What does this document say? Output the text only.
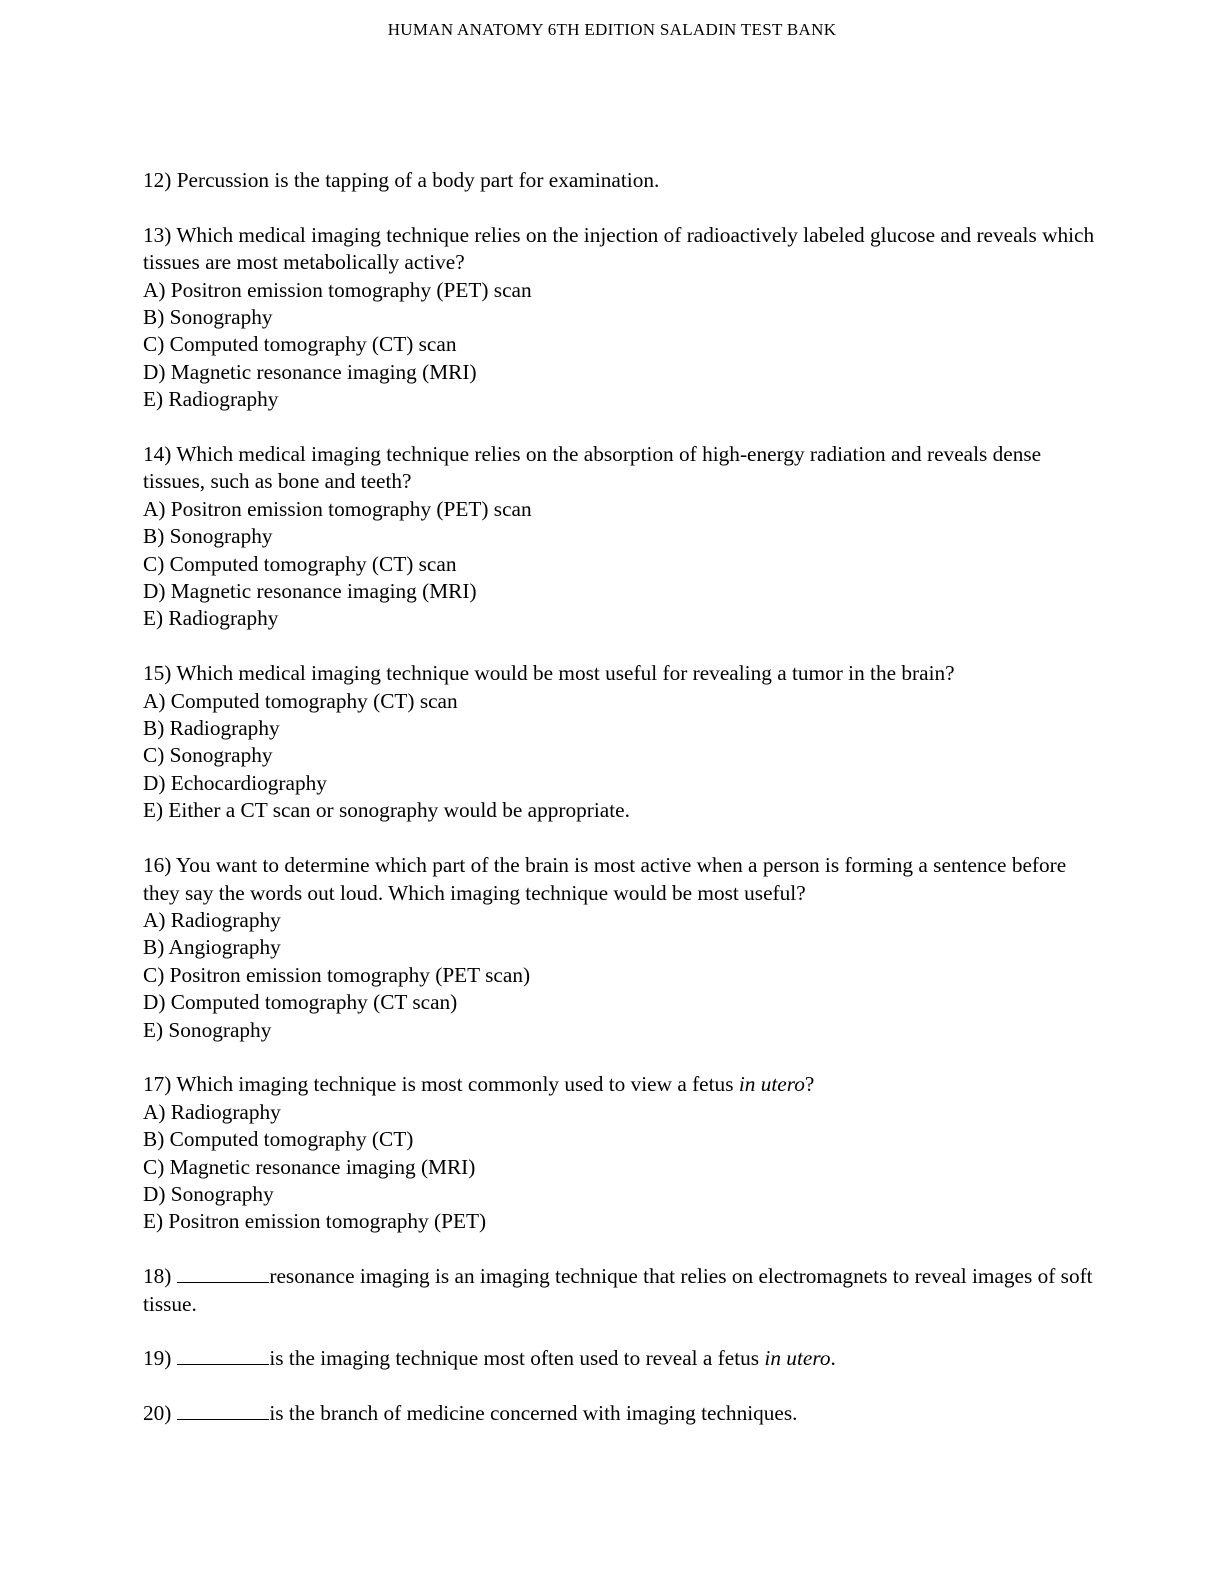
HUMAN ANATOMY 6TH EDITION SALADIN TEST BANK

12) Percussion is the tapping of a body part for examination.

13) Which medical imaging technique relies on the injection of radioactively labeled glucose and reveals which tissues are most metabolically active?

A) Positron emission tomography (PET) scan
B) Sonography
C) Computed tomography (CT) scan
D) Magnetic resonance imaging (MRI)
E) Radiography

14) Which medical imaging technique relies on the absorption of high-energy radiation and reveals dense tissues, such as bone and teeth?

A) Positron emission tomography (PET) scan
B) Sonography
C) Computed tomography (CT) scan
D) Magnetic resonance imaging (MRI)
E) Radiography

15) Which medical imaging technique would be most useful for revealing a tumor in the brain?

A) Computed tomography (CT) scan
B) Radiography
C) Sonography
D) Echocardiography
E) Either a CT scan or sonography would be appropriate.

16) You want to determine which part of the brain is most active when a person is forming a sentence before they say the words out loud. Which imaging technique would be most useful?

A) Radiography
B) Angiography
C) Positron emission tomography (PET scan)
D) Computed tomography (CT scan)
E) Sonography

17) Which imaging technique is most commonly used to view a fetus in utero?

A) Radiography
B) Computed tomography (CT)
C) Magnetic resonance imaging (MRI)
D) Sonography
E) Positron emission tomography (PET)

18)	resonance imaging is an imaging technique that relies on electromagnets to reveal images of soft tissue.

19)	is the imaging technique most often used to reveal a fetus in utero.

20)	is the branch of medicine concerned with imaging techniques.
